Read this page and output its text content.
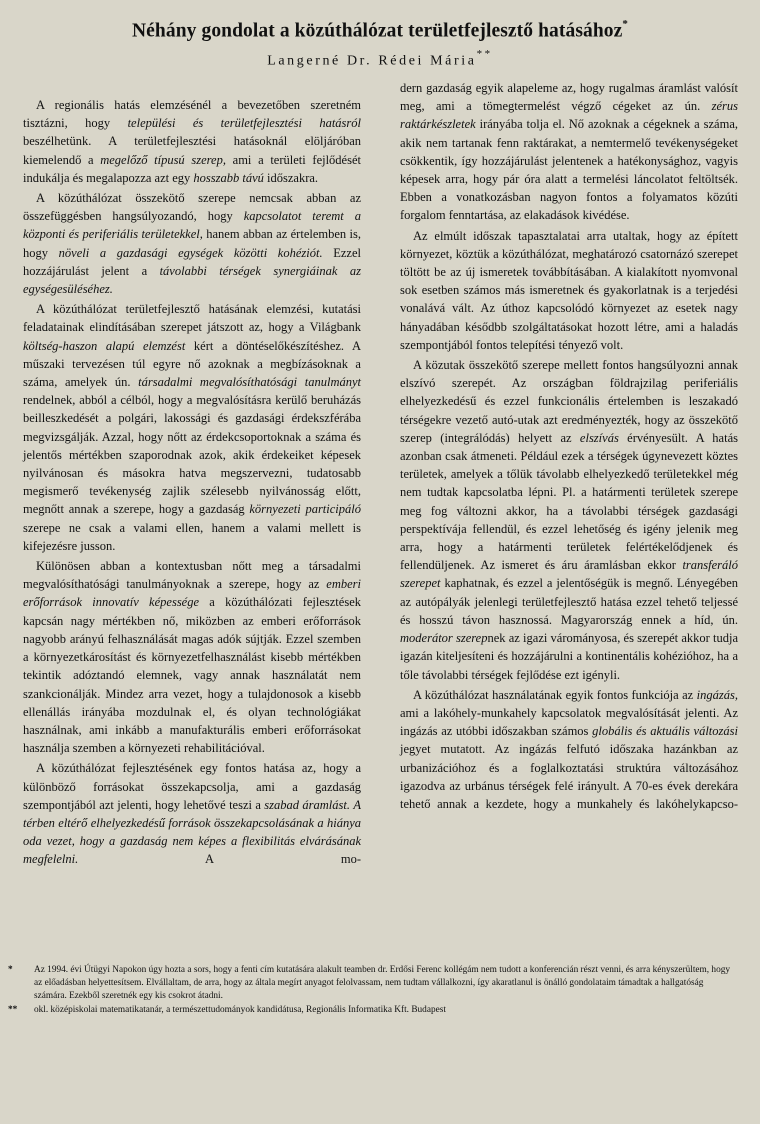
Néhány gondolat a közúthálózat területfejlesztő hatásához*
Langerné Dr. Rédei Mária**

A regionális hatás elemzésénél a bevezetőben szeretném tisztázni, hogy települési és területfejlesztési hatásról beszélhetünk. A területfejlesztési hatásoknál elöljáróban kiemelendő a megelőző típusú szerep, ami a területi fejlődését indukálja és megalapozza azt egy hosszabb távú időszakra.

A közúthálózat összekötő szerepe nemcsak abban az összefüggésben hangsúlyozandó, hogy kapcsolatot teremt a központi és periferiális területekkel, hanem abban az értelemben is, hogy növeli a gazdasági egységek közötti kohéziót. Ezzel hozzájárulást jelent a távolabbi térségek synergiáinak az egységesüléséhez.

A közúthálózat területfejlesztő hatásának elemzési, kutatási feladatainak elindításában szerepet játszott az, hogy a Világbank költség-haszon alapú elemzést kért a döntéselőkészítéshez. A műszaki tervezésen túl egyre nő azoknak a megbízásoknak a száma, amelyek ún. társadalmi megvalósíthatósági tanulmányt rendelnek, abból a célból, hogy a megvalósításra kerülő beruházás beilleszkedését a polgári, lakossági és gazdasági érdekszférába megvizsgálják. Azzal, hogy nőtt az érdekcsoportoknak a száma és jelentős mértékben szaporodnak azok, akik érdekeiket képesek nyilvánosan és másokra hatva megszervezni, tudatosabb megismerő tevékenység zajlik szélesebb nyilvánosság előtt, megnőtt annak a szerepe, hogy a gazdaság környezeti participáló szerepe ne csak a valami ellen, hanem a valami mellett is kifejezésre jusson.

Különösen abban a kontextusban nőtt meg a társadalmi megvalósíthatósági tanulmányoknak a szerepe, hogy az emberi erőforrások innovatív képessége a közúthálózati fejlesztések kapcsán nagy mértékben nő, miközben az emberi erőforrások nagyobb arányú felhasználását magas adók sújtják. Ezzel szemben a környezetkárosítást és környezetfelhasználást kisebb mértékben tekintik adóztandó elemnek, vagy annak használatát nem szankcionálják. Mindez arra vezet, hogy a tulajdonosok a kisebb ellenállás irányába mozdulnak el, és olyan technológiákat használnak, ami inkább a manufakturális emberi erőforrásokat használja szemben a környezeti rehabilitációval.

A közúthálózat fejlesztésének egy fontos hatása az, hogy a különböző forrásokat összekapcsolja, ami a gazdaság szempontjából azt jelenti, hogy lehetővé teszi a szabad áramlást. A térben eltérő elhelyezkedésű források összekapcsolásának a hiánya oda vezet, hogy a gazdaság nem képes a flexibilitás elvárásának megfelelni. A mo-

dern gazdaság egyik alapeleme az, hogy rugalmas áramlást valósít meg, ami a tömegtermelést végző cégeket az ún. zérus raktárkészletek irányába tolja el. Nő azoknak a cégeknek a száma, akik nem tartanak fenn raktárakat, a nemtermelő tevékenységeket csökkentik, így hozzájárulást jelentenek a hatékonysághoz, vagyis képesek arra, hogy pár óra alatt a termelési láncolatot feltöltsék. Ebben a vonatkozásban nagyon fontos a folyamatos közúti forgalom fenntartása, az elakadások kivédése.

Az elmúlt időszak tapasztalatai arra utaltak, hogy az épített környezet, köztük a közúthálózat, meghatározó csatornázó szerepet töltött be az új ismeretek továbbításában. A kialakított nyomvonal sok esetben számos más ismeretnek és gyakorlatnak is a terjedési vonalává vált. Az úthoz kapcsolódó környezet az esetek nagy hányadában késődbb szolgáltatásokat hozott létre, ami a haladás szempontjából fontos telepítési tényező volt.

A közutak összekötő szerepe mellett fontos hangsúlyozni annak elszívó szerepét. Az országban földrajzilag periferiális elhelyezkedésű és ezzel funkcionális értelemben is leszakadó térségekre vezető autó-utak azt eredményezték, hogy az összekötő szerep (integrálódás) helyett az elszívás érvényesült. A hatás azonban csak átmeneti. Például ezek a térségek úgynevezett köztes területek, amelyek a tőlük távolabb elhelyezkedő területekkel még nem tudtak kapcsolatba lépni. Pl. a határmenti területek szerepe meg fog változni akkor, ha a távolabbi térségek gazdasági perspektívája fellendül, és ezzel lehetőség és igény jelenik meg arra, hogy a határmenti területek felértékelődjenek és fellendüljenek. Az ismeret és áru áramlásban ekkor transferáló szerepet kaphatnak, és ezzel a jelentőségük is megnő. Lényegében az autópályák jelenlegi területfejlesztő hatása ezzel tehető teljessé és hosszú távon hasznossá. Magyarország ennek a híd, ún. moderátor szerepnek az igazi várományosa, és szerepét akkor tudja igazán kiteljesíteni és hozzájárulni a kontinentális kohézióhoz, ha a tőle távolabbi térségek fejlődése ezt igényli.

A közúthálózat használatának egyik fontos funkciója az ingázás, ami a lakóhely-munkahely kapcsolatok megvalósítását jelenti. Az ingázás az utóbbi időszakban számos globális és aktuális változási jegyet mutatott. Az ingázás felfutó időszaka hazánkban az urbanizációhoz és a foglalkoztatási struktúra változásához igazodva az urbánus térségek felé irányult. A 70-es évek derekára tehető annak a kezdete, hogy a munkahely és lakóhelykapcso-

* Az 1994. évi Útügyi Napokon úgy hozta a sors, hogy a fenti cím kutatására alakult teamben dr. Erdősi Ferenc kollégám nem tudott a konferencián részt venni, és arra kényszerültem, hogy az előadásban helyettesítsem. Elvállaltam, de arra, hogy az általa megírt anyagot felolvassam, nem tudtam vállalkozni, így akaratlanul is önálló gondolataim támadtak a hallgatóság számára. Ezekből szeretnék egy kis csokrot átadni.
** okl. középiskolai matematikatanár, a természettudományok kandidátusa, Regionális Informatika Kft. Budapest
